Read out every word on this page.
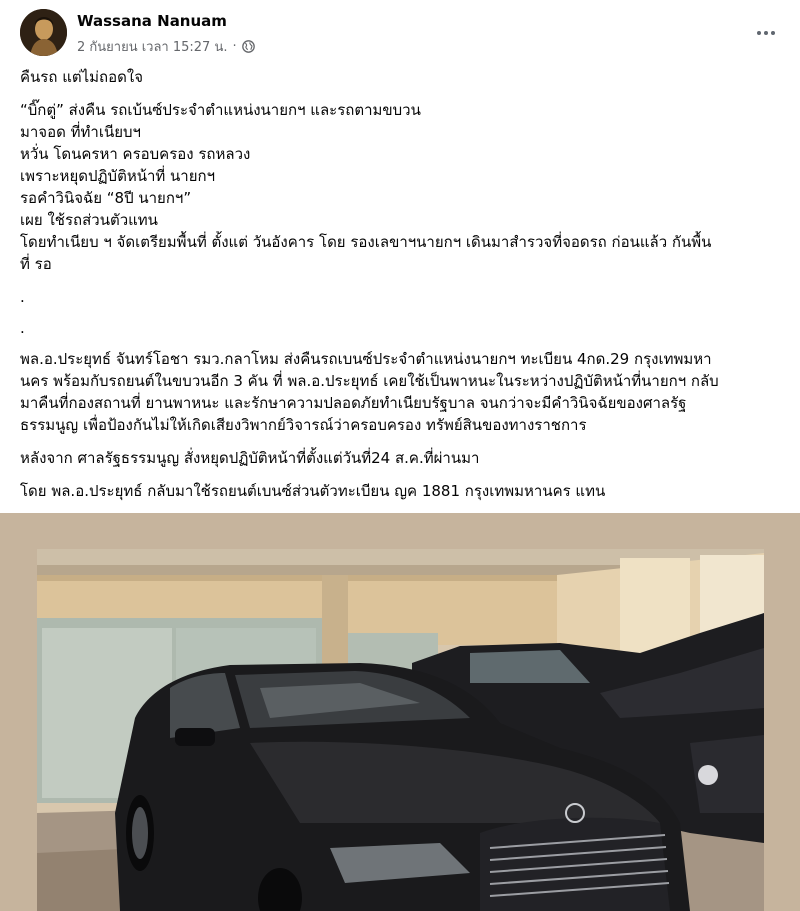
Wassana Nanuam
2 กันยายน เวลา 15:27 น. ·

คืนรถ แต่ไม่ถอดใจ

“บิ๊กตู่” ส่งคืน รถเบ้นซ์ประจำตำแหน่งนายกฯ และรถตามขบวน

มาจอด ที่ทำเนียบฯ

หวั่น โดนครหา ครอบครอง รถหลวง

เพราะหยุดปฏิบัติหน้าที่ นายกฯ

รอคำวินิจฉัย “8ปี นายกฯ”

เผย ใช้รถส่วนตัวแทน

โดยทำเนียบ ฯ จัดเตรียมพื้นที่ ตั้งแต่ วันอังคาร โดย รองเลขาฯนายกฯ เดินมาสำรวจที่จอดรถ ก่อนแล้ว กันพื้น

ที่ รอ

.

.

พล.อ.ประยุทธ์ จันทร์โอชา รมว.กลาโหม ส่งคืนรถเบนซ์ประจำตำแหน่งนายกฯ ทะเบียน 4กด.29 กรุงเทพมหา

นคร พร้อมกับรถยนต์ในขบวนอีก 3 คัน ที่ พล.อ.ประยุทธ์ เคยใช้เป็นพาหนะในระหว่างปฏิบัติหน้าที่นายกฯ กลับ

มาคืนที่กองสถานที่ ยานพาหนะ และรักษาความปลอดภัยทำเนียบรัฐบาล จนกว่าจะมีคำวินิจฉัยของศาลรัฐ

ธรรมนูญ เพื่อป้องกันไม่ให้เกิดเสียงวิพากย์วิจารณ์ว่าครอบครอง ทรัพย์สินของทางราชการ

หลังจาก ศาลรัฐธรรมนูญ สั่งหยุดปฏิบัติหน้าที่ตั้งแต่วันที่24 ส.ค.ที่ผ่านมา

โดย พล.อ.ประยุทธ์ กลับมาใช้รถยนต์เบนซ์ส่วนตัวทะเบียน ญค 1881 กรุงเทพมหานคร แทน
